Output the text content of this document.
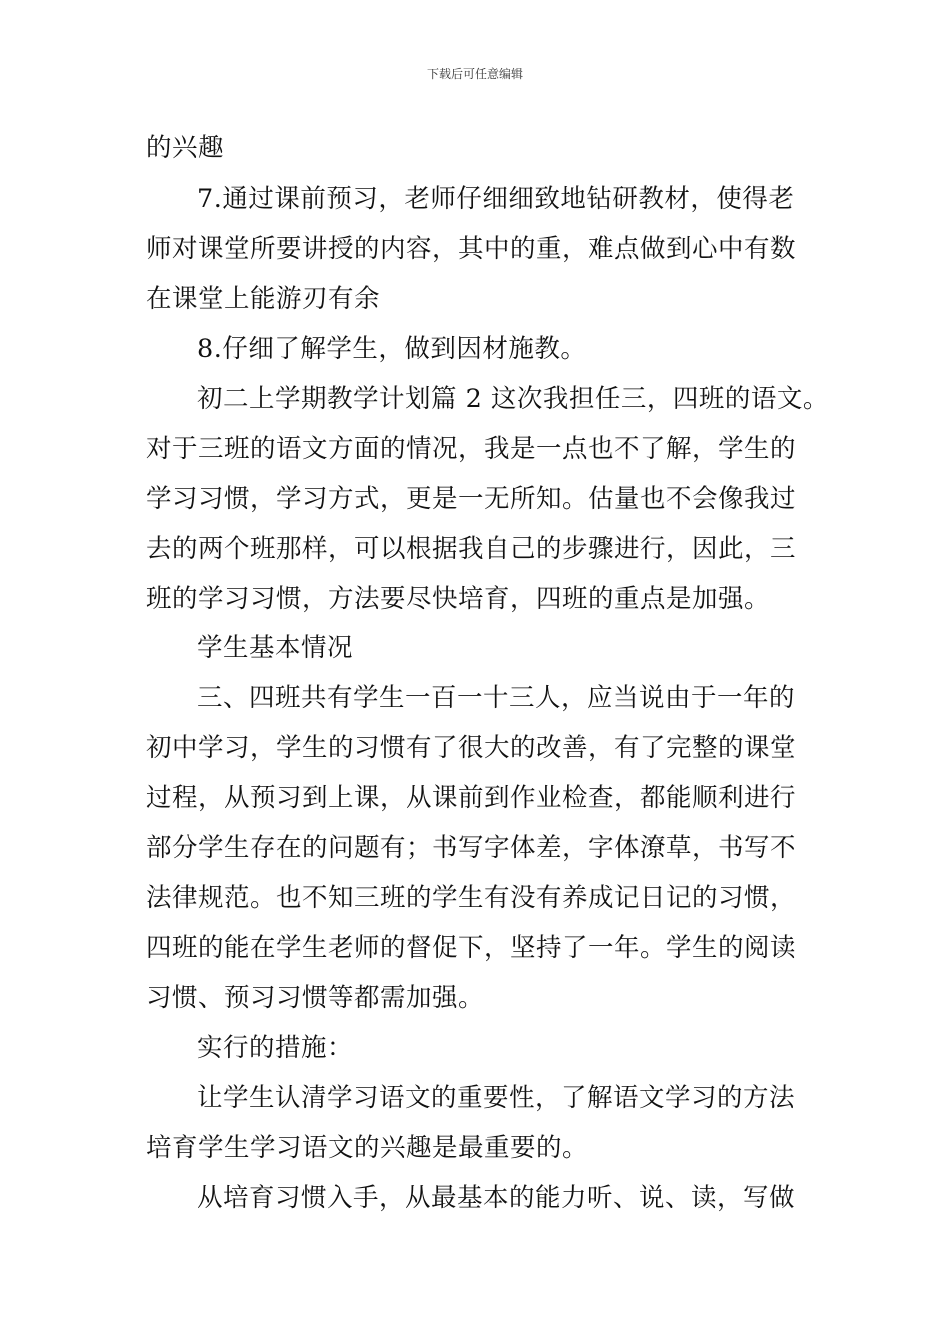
下载后可任意编辑
的兴趣
7.通过课前预习，老师仔细细致地钻研教材，使得老
师对课堂所要讲授的内容，其中的重，难点做到心中有数
在课堂上能游刃有余
8.仔细了解学生，做到因材施教。
初二上学期教学计划篇 2 这次我担任三，四班的语文。
对于三班的语文方面的情况，我是一点也不了解，学生的
学习习惯，学习方式，更是一无所知。估量也不会像我过
去的两个班那样，可以根据我自己的步骤进行，因此，三
班的学习习惯，方法要尽快培育，四班的重点是加强。
学生基本情况
三、四班共有学生一百一十三人，应当说由于一年的
初中学习，学生的习惯有了很大的改善，有了完整的课堂
过程，从预习到上课，从课前到作业检查，都能顺利进行
部分学生存在的问题有；书写字体差，字体潦草，书写不
法律规范。也不知三班的学生有没有养成记日记的习惯，
四班的能在学生老师的督促下，坚持了一年。学生的阅读
习惯、预习习惯等都需加强。
实行的措施：
让学生认清学习语文的重要性，了解语文学习的方法
培育学生学习语文的兴趣是最重要的。
从培育习惯入手，从最基本的能力听、说、读，写做
